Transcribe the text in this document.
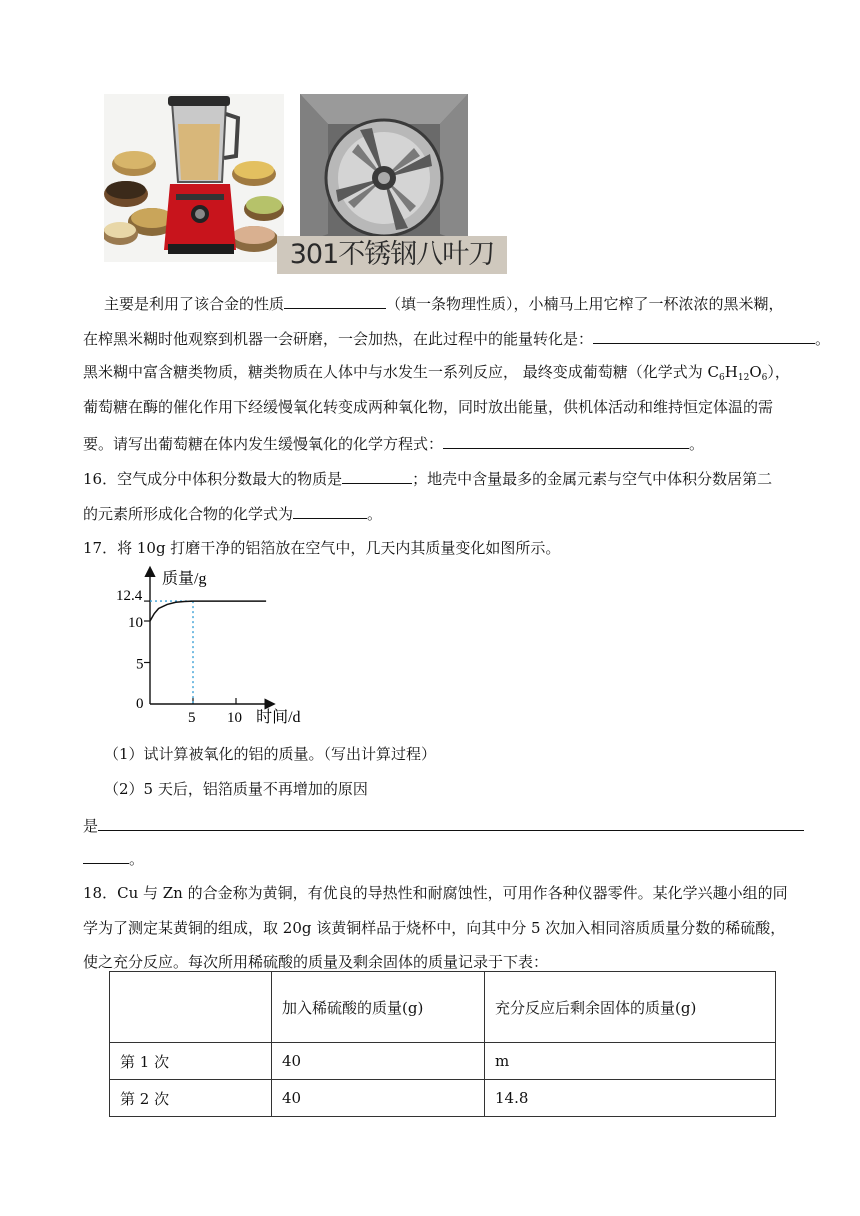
301不锈钢八叶刀
主要是利用了该合金的性质	（填一条物理性质），小楠马上用它榨了一杯浓浓的黑米糊，
在榨黑米糊时他观察到机器一会研磨，一会加热，在此过程中的能量转化是：	。
黑米糊中富含糖类物质，糖类物质在人体中与水发生一系列反应， 最终变成葡萄糖（化学式为 $C_6H_{12}O_6$），
葡萄糖在酶的催化作用下经缓慢氧化转变成两种氧化物，同时放出能量，供机体活动和维持恒定体温的需
要。请写出葡萄糖在体内发生缓慢氧化的化学方程式：	。
16．空气成分中体积分数最大的物质是	；地壳中含量最多的金属元素与空气中体积分数居第二
的元素所形成化合物的化学式为	。
17．将 10g 打磨干净的铝箔放在空气中，几天内其质量变化如图所示。
质量/g
时间/d
0
5
10
12.4
5 10
（1）试计算被氧化的铝的质量。（写出计算过程）
（2）5 天后，铝箔质量不再增加的原因
是
。
18．Cu 与 Zn 的合金称为黄铜，有优良的导热性和耐腐蚀性，可用作各种仪器零件。某化学兴趣小组的同
学为了测定某黄铜的组成，取 20g 该黄铜样品于烧杯中，向其中分 5 次加入相同溶质质量分数的稀硫酸，
使之充分反应。每次所用稀硫酸的质量及剩余固体的质量记录于下表：
	加入稀硫酸的质量(g)	充分反应后剩余固体的质量(g)
第 1 次	40	m
第 2 次	40	14.8
